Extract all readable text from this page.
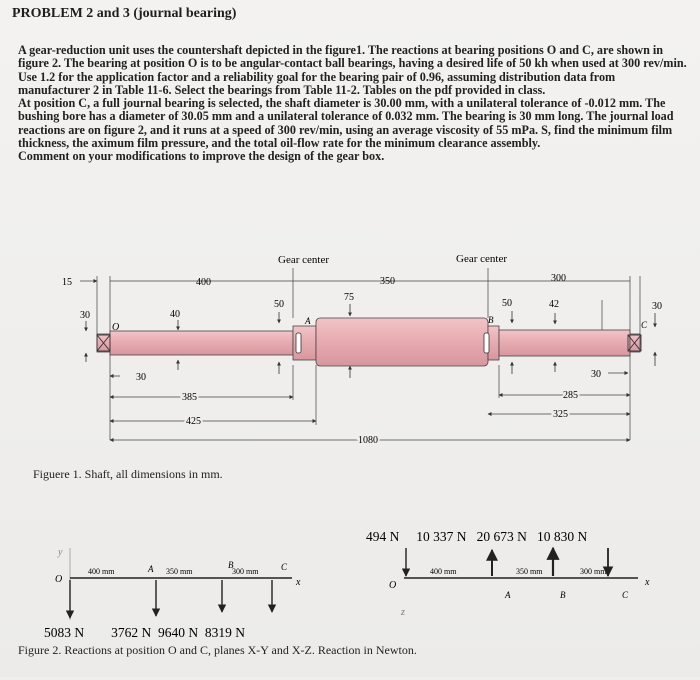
PROBLEM 2 and 3 (journal bearing)

A gear-reduction unit uses the countershaft depicted in the figure1. The reactions at bearing positions O and C, are shown in figure 2. The bearing at position O is to be angular-contact ball bearings, having a desired life of 50 kh when used at 300 rev/min. Use 1.2 for the application factor and a reliability goal for the bearing pair of 0.96, assuming distribution data from manufacturer 2 in Table 11-6. Select the bearings from Table 11-2. Tables on the pdf provided in class.

At position C, a full journal bearing is selected, the shaft diameter is 30.00 mm, with a unilateral tolerance of -0.012 mm. The bushing bore has a diameter of 30.05 mm and a unilateral tolerance of 0.032 mm. The bearing is 30 mm long. The journal load reactions are on figure 2, and it runs at a speed of 300 rev/min, using an average viscosity of 55 mPa. S, find the minimum film thickness, the aximum film pressure, and the total oil-flow rate for the minimum clearance assembly.

Comment on your modifications to improve the design of the gear box.

Gear center	Gear center
15	400	350	300
30	40
50
75
50	42	30
O
A	B	C
30	30
385
425
285
325
1080
Figuere 1. Shaft, all dimensions in mm.
y
O	x
400 mm	A 350 mm
B
300 mm	C
5083 N        3762 N  9640 N  8319 N
494 N     10 337 N   20 673 N   10 830 N
O	x
z
400 mm	350 mm	300 mm
A	B	C
Figure 2. Reactions at position O and C, planes X-Y and X-Z. Reaction in Newton.
